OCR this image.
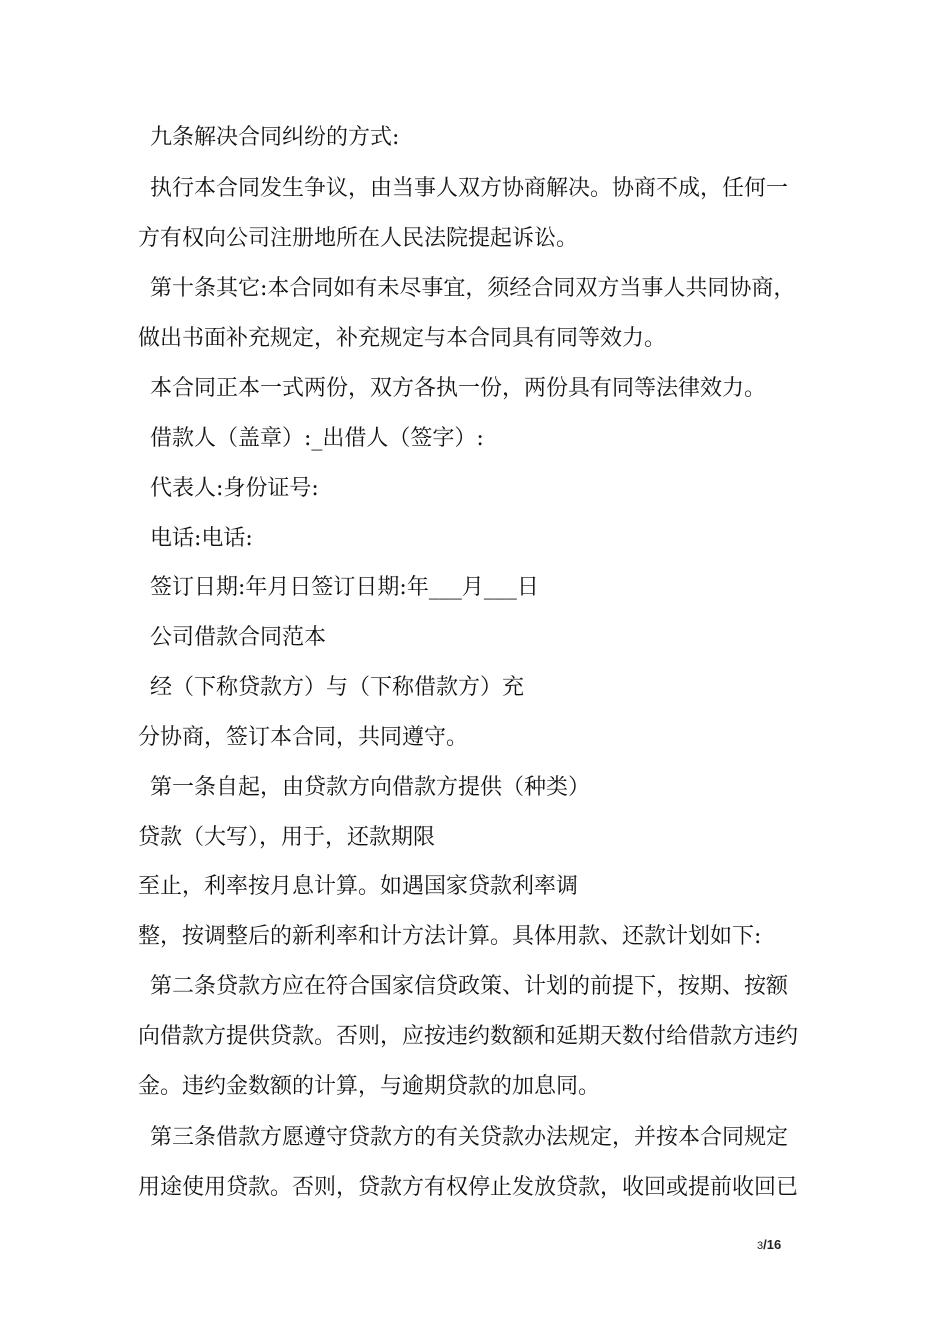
九条解决合同纠纷的方式:
执行本合同发生争议，由当事人双方协商解决。协商不成，任何一
方有权向公司注册地所在人民法院提起诉讼。
第十条其它:本合同如有未尽事宜，须经合同双方当事人共同协商，
做出书面补充规定，补充规定与本合同具有同等效力。
本合同正本一式两份，双方各执一份，两份具有同等法律效力。
借款人（盖章）:_出借人（签字）:
代表人:身份证号:
电话:电话:
签订日期:年月日签订日期:年___月___日
公司借款合同范本
经（下称贷款方）与（下称借款方）充
分协商，签订本合同，共同遵守。
第一条自起，由贷款方向借款方提供（种类）
贷款（大写），用于，还款期限
至止，利率按月息计算。如遇国家贷款利率调
整，按调整后的新利率和计方法计算。具体用款、还款计划如下:
第二条贷款方应在符合国家信贷政策、计划的前提下，按期、按额
向借款方提供贷款。否则，应按违约数额和延期天数付给借款方违约
金。违约金数额的计算，与逾期贷款的加息同。
第三条借款方愿遵守贷款方的有关贷款办法规定，并按本合同规定
用途使用贷款。否则，贷款方有权停止发放贷款，收回或提前收回已
3/16
